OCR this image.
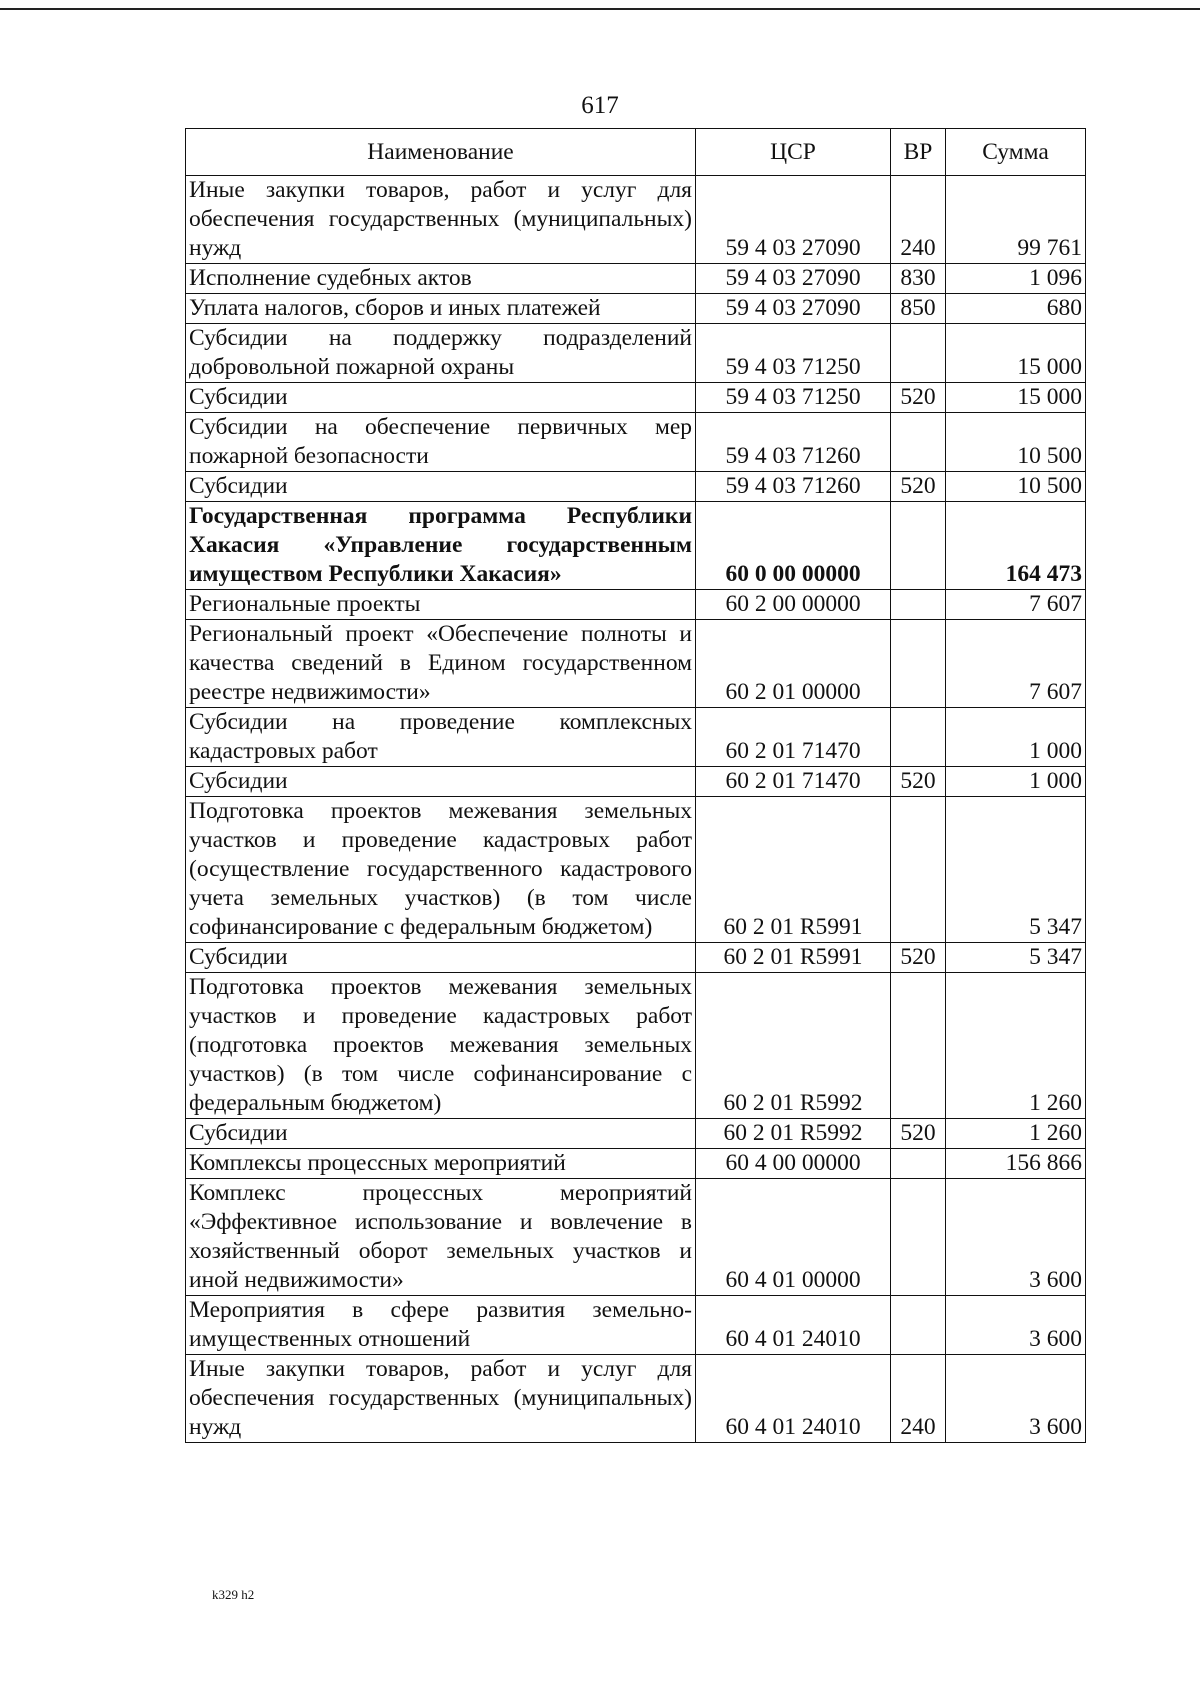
617
Наименование	ЦСР	ВР	Сумма
Иные закупки товаров, работ и услуг для обеспечения государственных (муниципальных) нужд	59 4 03 27090	240	99 761
Исполнение судебных актов	59 4 03 27090	830	1 096
Уплата налогов, сборов и иных платежей	59 4 03 27090	850	680
Субсидии на поддержку подразделений добровольной пожарной охраны	59 4 03 71250		15 000
Субсидии	59 4 03 71250	520	15 000
Субсидии на обеспечение первичных мер пожарной безопасности	59 4 03 71260		10 500
Субсидии	59 4 03 71260	520	10 500
Государственная программа Республики Хакасия «Управление государственным имуществом Республики Хакасия»	60 0 00 00000		164 473
Региональные проекты	60 2 00 00000		7 607
Региональный проект «Обеспечение полноты и качества сведений в Едином государственном реестре недвижимости»	60 2 01 00000		7 607
Субсидии на проведение комплексных кадастровых работ	60 2 01 71470		1 000
Субсидии	60 2 01 71470	520	1 000
Подготовка проектов межевания земельных участков и проведение кадастровых работ (осуществление государственного кадастрового учета земельных участков) (в том числе софинансирование с федеральным бюджетом)	60 2 01 R5991		5 347
Субсидии	60 2 01 R5991	520	5 347
Подготовка проектов межевания земельных участков и проведение кадастровых работ (подготовка проектов межевания земельных участков) (в том числе софинансирование с федеральным бюджетом)	60 2 01 R5992		1 260
Субсидии	60 2 01 R5992	520	1 260
Комплексы процессных мероприятий	60 4 00 00000		156 866
Комплекс процессных мероприятий «Эффективное использование и вовлечение в хозяйственный оборот земельных участков и иной недвижимости»	60 4 01 00000		3 600
Мероприятия в сфере развития земельно-имущественных отношений	60 4 01 24010		3 600
Иные закупки товаров, работ и услуг для обеспечения государственных (муниципальных) нужд	60 4 01 24010	240	3 600
k329 h2
